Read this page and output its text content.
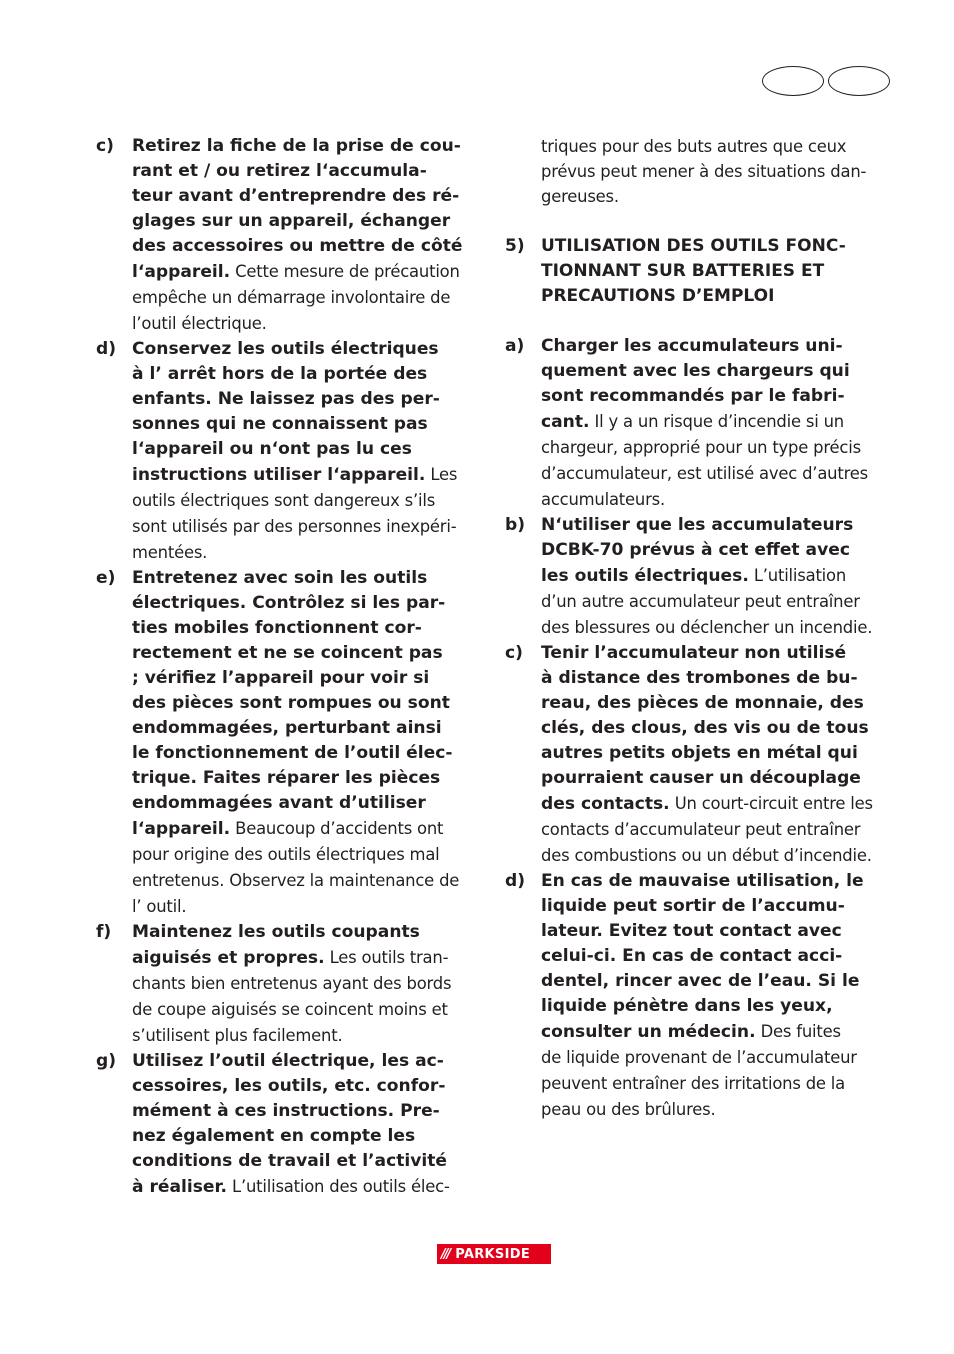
c) Retirez la fiche de la prise de cou-
rant et / ou retirez l‘accumula-
teur avant d’entreprendre des ré-
glages sur un appareil, échanger
des accessoires ou mettre de côté
l‘appareil. Cette mesure de précaution
empêche un démarrage involontaire de
l’outil électrique.
d) Conservez les outils électriques
à l’ arrêt hors de la portée des
enfants. Ne laissez pas des per-
sonnes qui ne connaissent pas
l‘appareil ou n‘ont pas lu ces
instructions utiliser l‘appareil. Les
outils électriques sont dangereux s’ils
sont utilisés par des personnes inexpéri-
mentées.
e) Entretenez avec soin les outils
électriques. Contrôlez si les par-
ties mobiles fonctionnent cor-
rectement et ne se coincent pas
; vérifiez l’appareil pour voir si
des pièces sont rompues ou sont
endommagées, perturbant ainsi
le fonctionnement de l’outil élec-
trique. Faites réparer les pièces
endommagées avant d’utiliser
l‘appareil. Beaucoup d’accidents ont
pour origine des outils électriques mal
entretenus. Observez la maintenance de
l’ outil.
f) Maintenez les outils coupants
aiguisés et propres. Les outils tran-
chants bien entretenus ayant des bords
de coupe aiguisés se coincent moins et
s’utilisent plus facilement.
g) Utilisez l’outil électrique, les ac-
cessoires, les outils, etc. confor-
mément à ces instructions. Pre-
nez également en compte les
conditions de travail et l’activité
à réaliser. L’utilisation des outils élec-
triques pour des buts autres que ceux
prévus peut mener à des situations dan-
gereuses.
5) UTILISATION DES OUTILS FONC-
TIONNANT SUR BATTERIES ET
PRECAUTIONS D’EMPLOI
a) Charger les accumulateurs uni-
quement avec les chargeurs qui
sont recommandés par le fabri-
cant. Il y a un risque d’incendie si un
chargeur, approprié pour un type précis
d’accumulateur, est utilisé avec d’autres
accumulateurs.
b) N‘utiliser que les accumulateurs
DCBK-70 prévus à cet effet avec
les outils électriques. L’utilisation
d’un autre accumulateur peut entraîner
des blessures ou déclencher un incendie.
c) Tenir l’accumulateur non utilisé
à distance des trombones de bu-
reau, des pièces de monnaie, des
clés, des clous, des vis ou de tous
autres petits objets en métal qui
pourraient causer un découplage
des contacts. Un court-circuit entre les
contacts d’accumulateur peut entraîner
des combustions ou un début d’incendie.
d) En cas de mauvaise utilisation, le
liquide peut sortir de l’accumu-
lateur. Evitez tout contact avec
celui-ci. En cas de contact acci-
dentel, rincer avec de l’eau. Si le
liquide pénètre dans les yeux,
consulter un médecin. Des fuites
de liquide provenant de l’accumulateur
peuvent entraîner des irritations de la
peau ou des brûlures.
/// PARKSIDE
